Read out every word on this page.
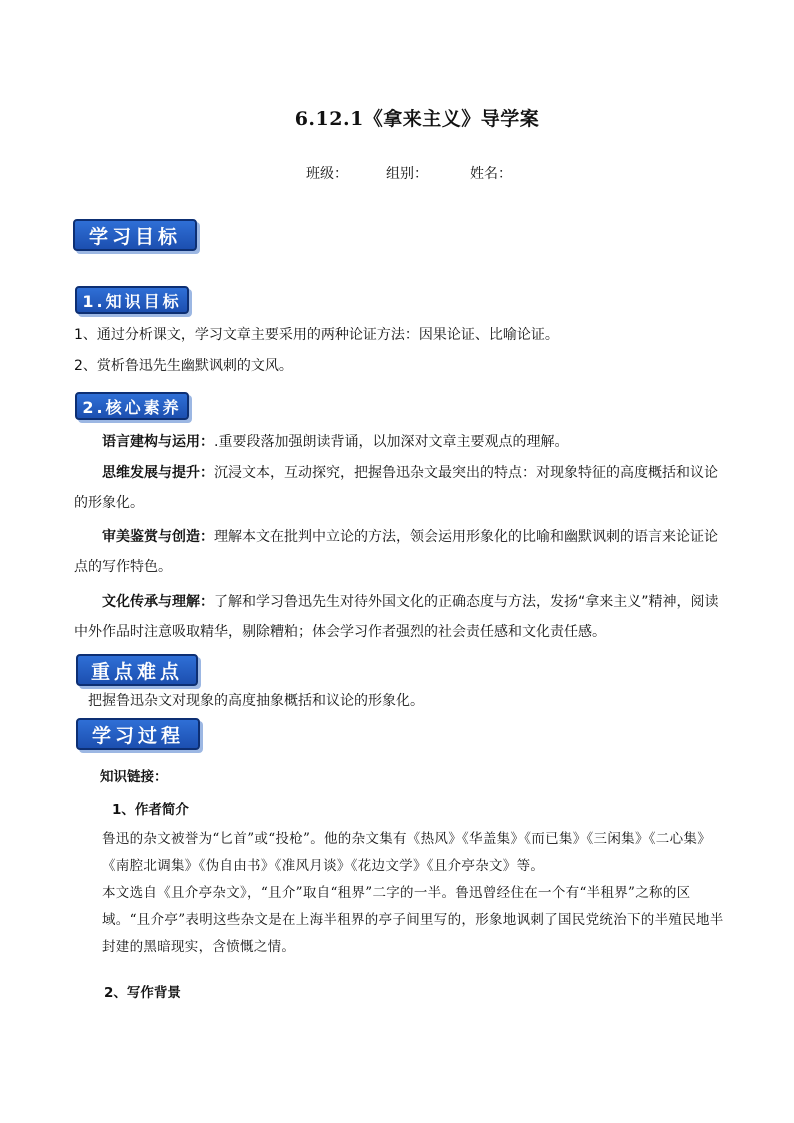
6.12.1《拿来主义》导学案
班级：	组别：	姓名：
学习目标
1.知识目标
1、通过分析课文，学习文章主要采用的两种论证方法：因果论证、比喻论证。
2、赏析鲁迅先生幽默讽刺的文风。
2.核心素养
语言建构与运用：.重要段落加强朗读背诵，以加深对文章主要观点的理解。
思维发展与提升：沉浸文本，互动探究，把握鲁迅杂文最突出的特点：对现象特征的高度概括和议论的形象化。
审美鉴赏与创造：理解本文在批判中立论的方法，领会运用形象化的比喻和幽默讽刺的语言来论证论点的写作特色。
文化传承与理解：了解和学习鲁迅先生对待外国文化的正确态度与方法，发扬“拿来主义”精神，阅读中外作品时注意吸取精华，剔除糟粕；体会学习作者强烈的社会责任感和文化责任感。
重点难点
把握鲁迅杂文对现象的高度抽象概括和议论的形象化。
学习过程
知识链接：
1、作者简介
鲁迅的杂文被誉为“匕首”或“投枪”。他的杂文集有《热风》《华盖集》《而已集》《三闲集》《二心集》《南腔北调集》《伪自由书》《准风月谈》《花边文学》《且介亭杂文》等。
本文选自《且介亭杂文》，“且介”取自“租界”二字的一半。鲁迅曾经住在一个有“半租界”之称的区域。“且介亭”表明这些杂文是在上海半租界的亭子间里写的，形象地讽刺了国民党统治下的半殖民地半封建的黑暗现实，含愤慨之情。
2、写作背景
